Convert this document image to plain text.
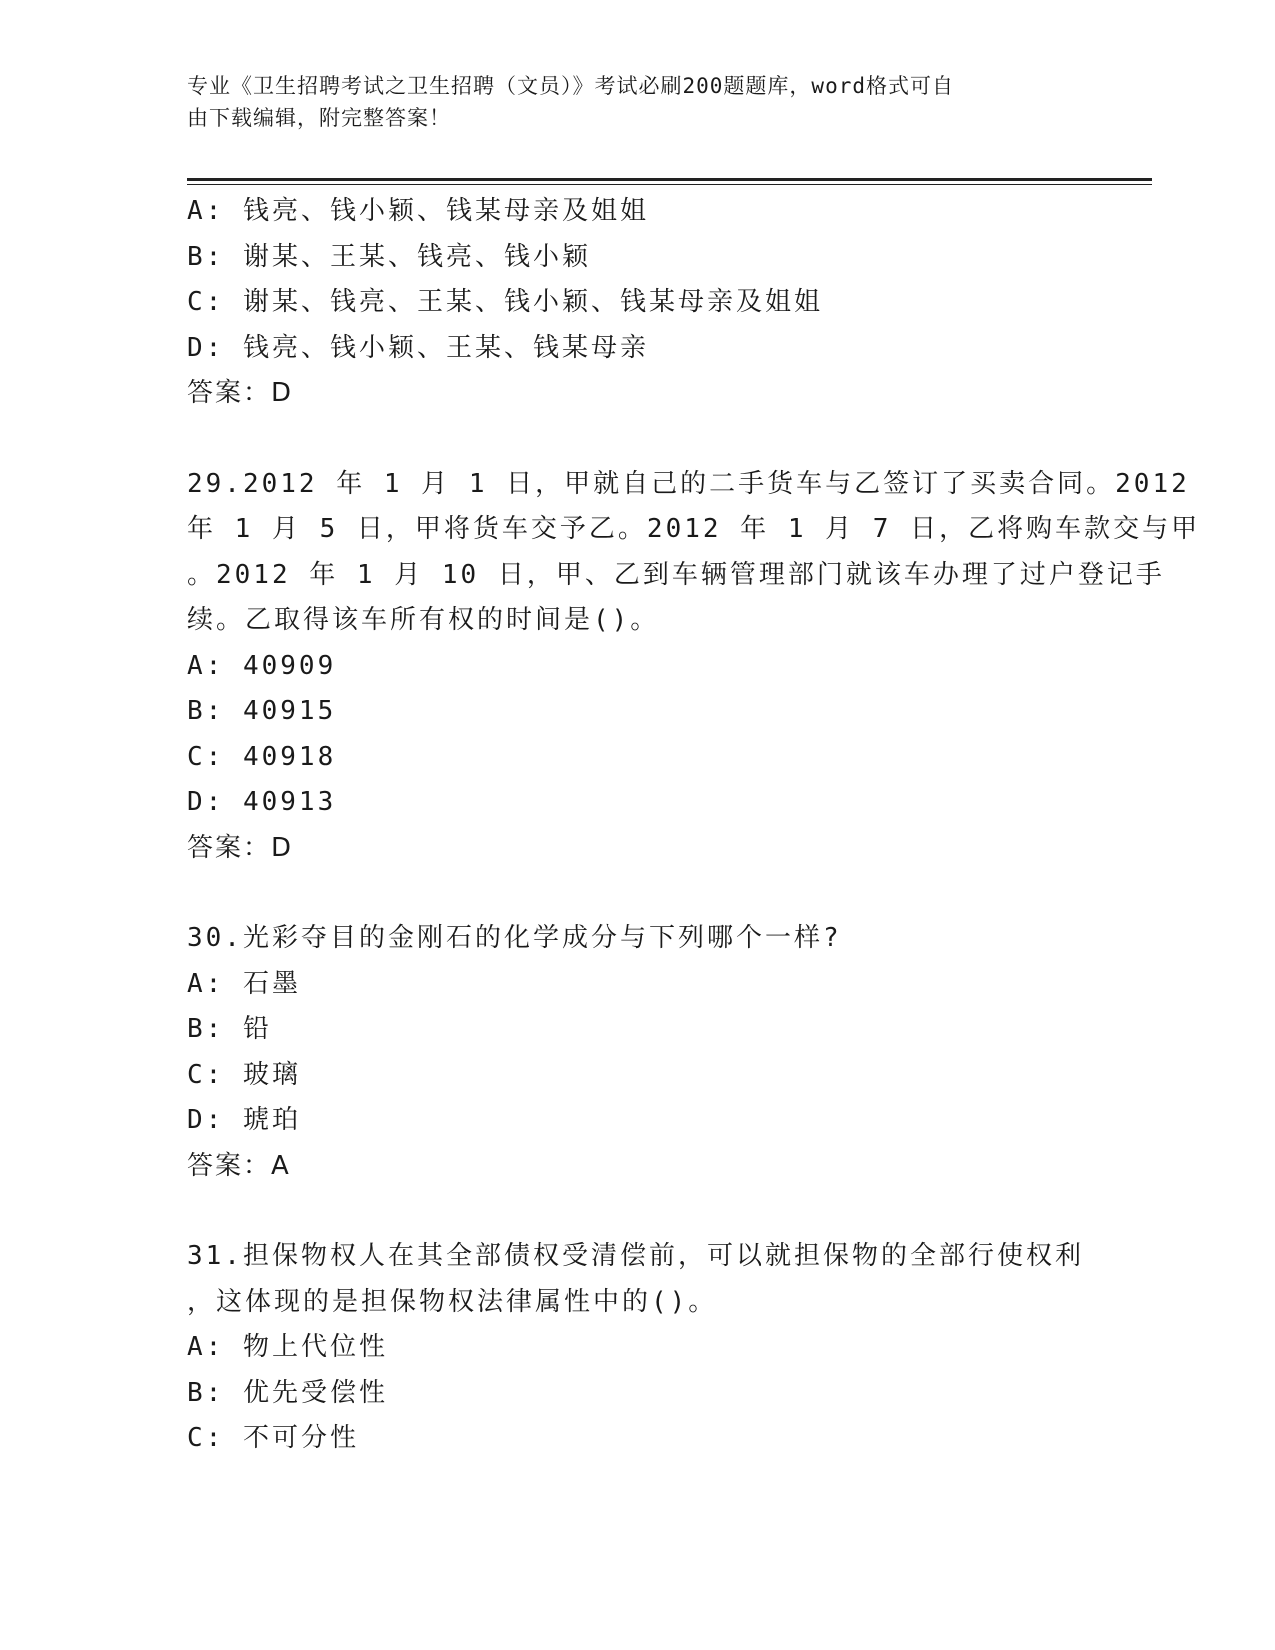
专业《卫生招聘考试之卫生招聘（文员）》考试必刷200题题库，word格式可自
由下载编辑，附完整答案！
A: 钱亮、钱小颖、钱某母亲及姐姐
B: 谢某、王某、钱亮、钱小颖
C: 谢某、钱亮、王某、钱小颖、钱某母亲及姐姐
D: 钱亮、钱小颖、王某、钱某母亲
答案：D
29.2012 年 1 月 1 日，甲就自己的二手货车与乙签订了买卖合同。2012
年 1 月 5 日，甲将货车交予乙。2012 年 1 月 7 日，乙将购车款交与甲
。2012 年 1 月 10 日，甲、乙到车辆管理部门就该车办理了过户登记手
续。乙取得该车所有权的时间是()。
A: 40909
B: 40915
C: 40918
D: 40913
答案：D
30.光彩夺目的金刚石的化学成分与下列哪个一样?
A: 石墨
B: 铅
C: 玻璃
D: 琥珀
答案：A
31.担保物权人在其全部债权受清偿前，可以就担保物的全部行使权利
，这体现的是担保物权法律属性中的()。
A: 物上代位性
B: 优先受偿性
C: 不可分性
